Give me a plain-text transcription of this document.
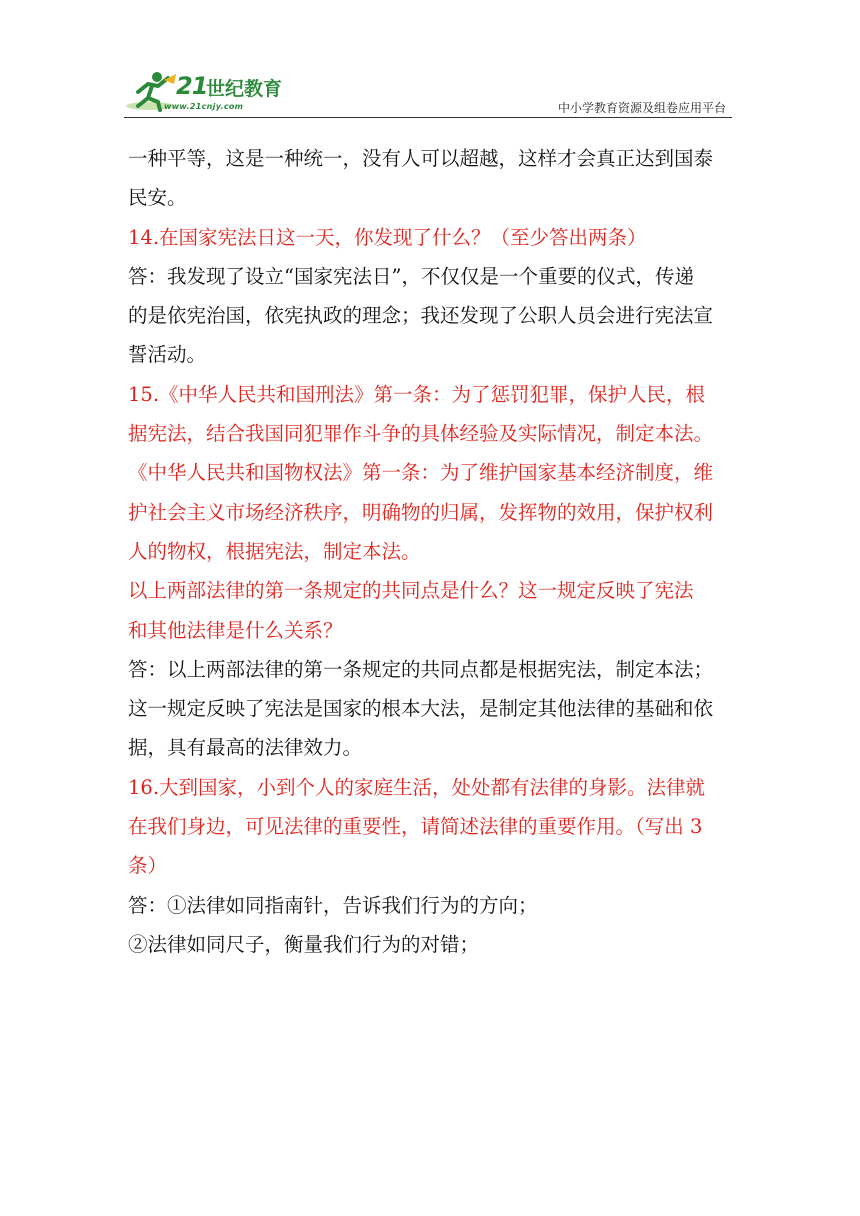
21
世纪教育
www.21cnjy.com	中小学教育资源及组卷应用平台
一种平等，这是一种统一，没有人可以超越，这样才会真正达到国泰
民安。
14.在国家宪法日这一天，你发现了什么？（至少答出两条）
答：我发现了设立“国家宪法日”，不仅仅是一个重要的仪式，传递
的是依宪治国，依宪执政的理念；我还发现了公职人员会进行宪法宣
誓活动。
15.《中华人民共和国刑法》第一条：为了惩罚犯罪，保护人民，根
据宪法，结合我国同犯罪作斗争的具体经验及实际情况，制定本法。
《中华人民共和国物权法》第一条：为了维护国家基本经济制度，维
护社会主义市场经济秩序，明确物的归属，发挥物的效用，保护权利
人的物权，根据宪法，制定本法。
以上两部法律的第一条规定的共同点是什么？这一规定反映了宪法
和其他法律是什么关系？
答：以上两部法律的第一条规定的共同点都是根据宪法，制定本法；
这一规定反映了宪法是国家的根本大法，是制定其他法律的基础和依
据，具有最高的法律效力。
16.大到国家，小到个人的家庭生活，处处都有法律的身影。法律就
在我们身边，可见法律的重要性，请简述法律的重要作用。（写出 3
条）
答：①法律如同指南针，告诉我们行为的方向；
②法律如同尺子，衡量我们行为的对错；
